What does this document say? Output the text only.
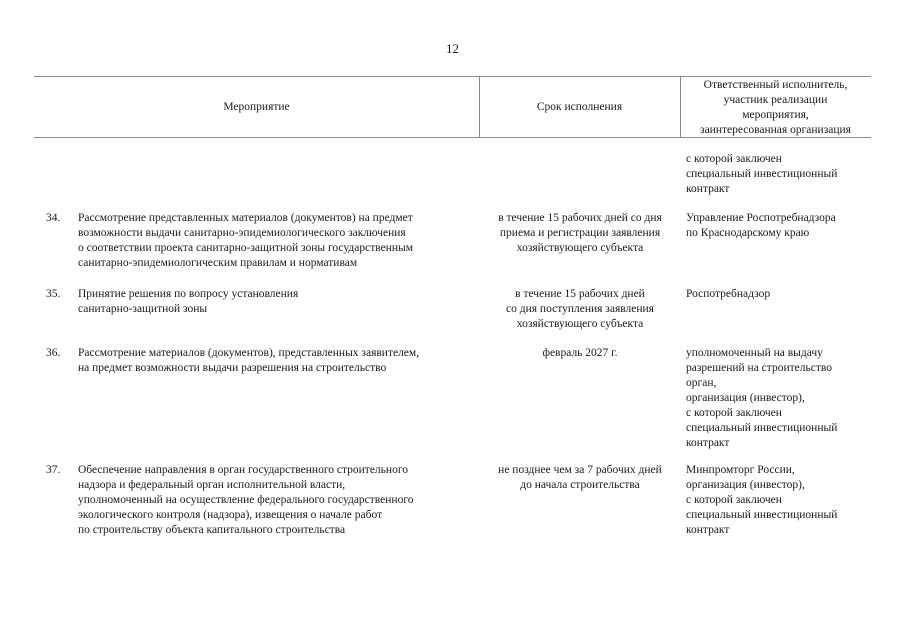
12
Мероприятие	Срок исполнения
Ответственный исполнитель,
участник реализации
мероприятия,
заинтересованная организация
с которой заключен
специальный инвестиционный
контракт
34. Рассмотрение представленных материалов (документов) на предмет
возможности выдачи санитарно-эпидемиологического заключения
о соответствии проекта санитарно-защитной зоны государственным
санитарно-эпидемиологическим правилам и нормативам
в течение 15 рабочих дней со дня
приема и регистрации заявления
хозяйствующего субъекта
Управление Роспотребнадзора
по Краснодарскому краю
35. Принятие решения по вопросу установления
санитарно-защитной зоны
в течение 15 рабочих дней
со дня поступления заявления
хозяйствующего субъекта
Роспотребнадзор
36. Рассмотрение материалов (документов), представленных заявителем,
на предмет возможности выдачи разрешения на строительство
февраль 2027 г.	уполномоченный на выдачу
разрешений на строительство
орган,
организация (инвестор),
с которой заключен
специальный инвестиционный
контракт
37. Обеспечение направления в орган государственного строительного
надзора и федеральный орган исполнительной власти,
уполномоченный на осуществление федерального государственного
экологического контроля (надзора), извещения о начале работ
по строительству объекта капитального строительства
не позднее чем за 7 рабочих дней
до начала строительства
Минпромторг России,
организация (инвестор),
с которой заключен
специальный инвестиционный
контракт
